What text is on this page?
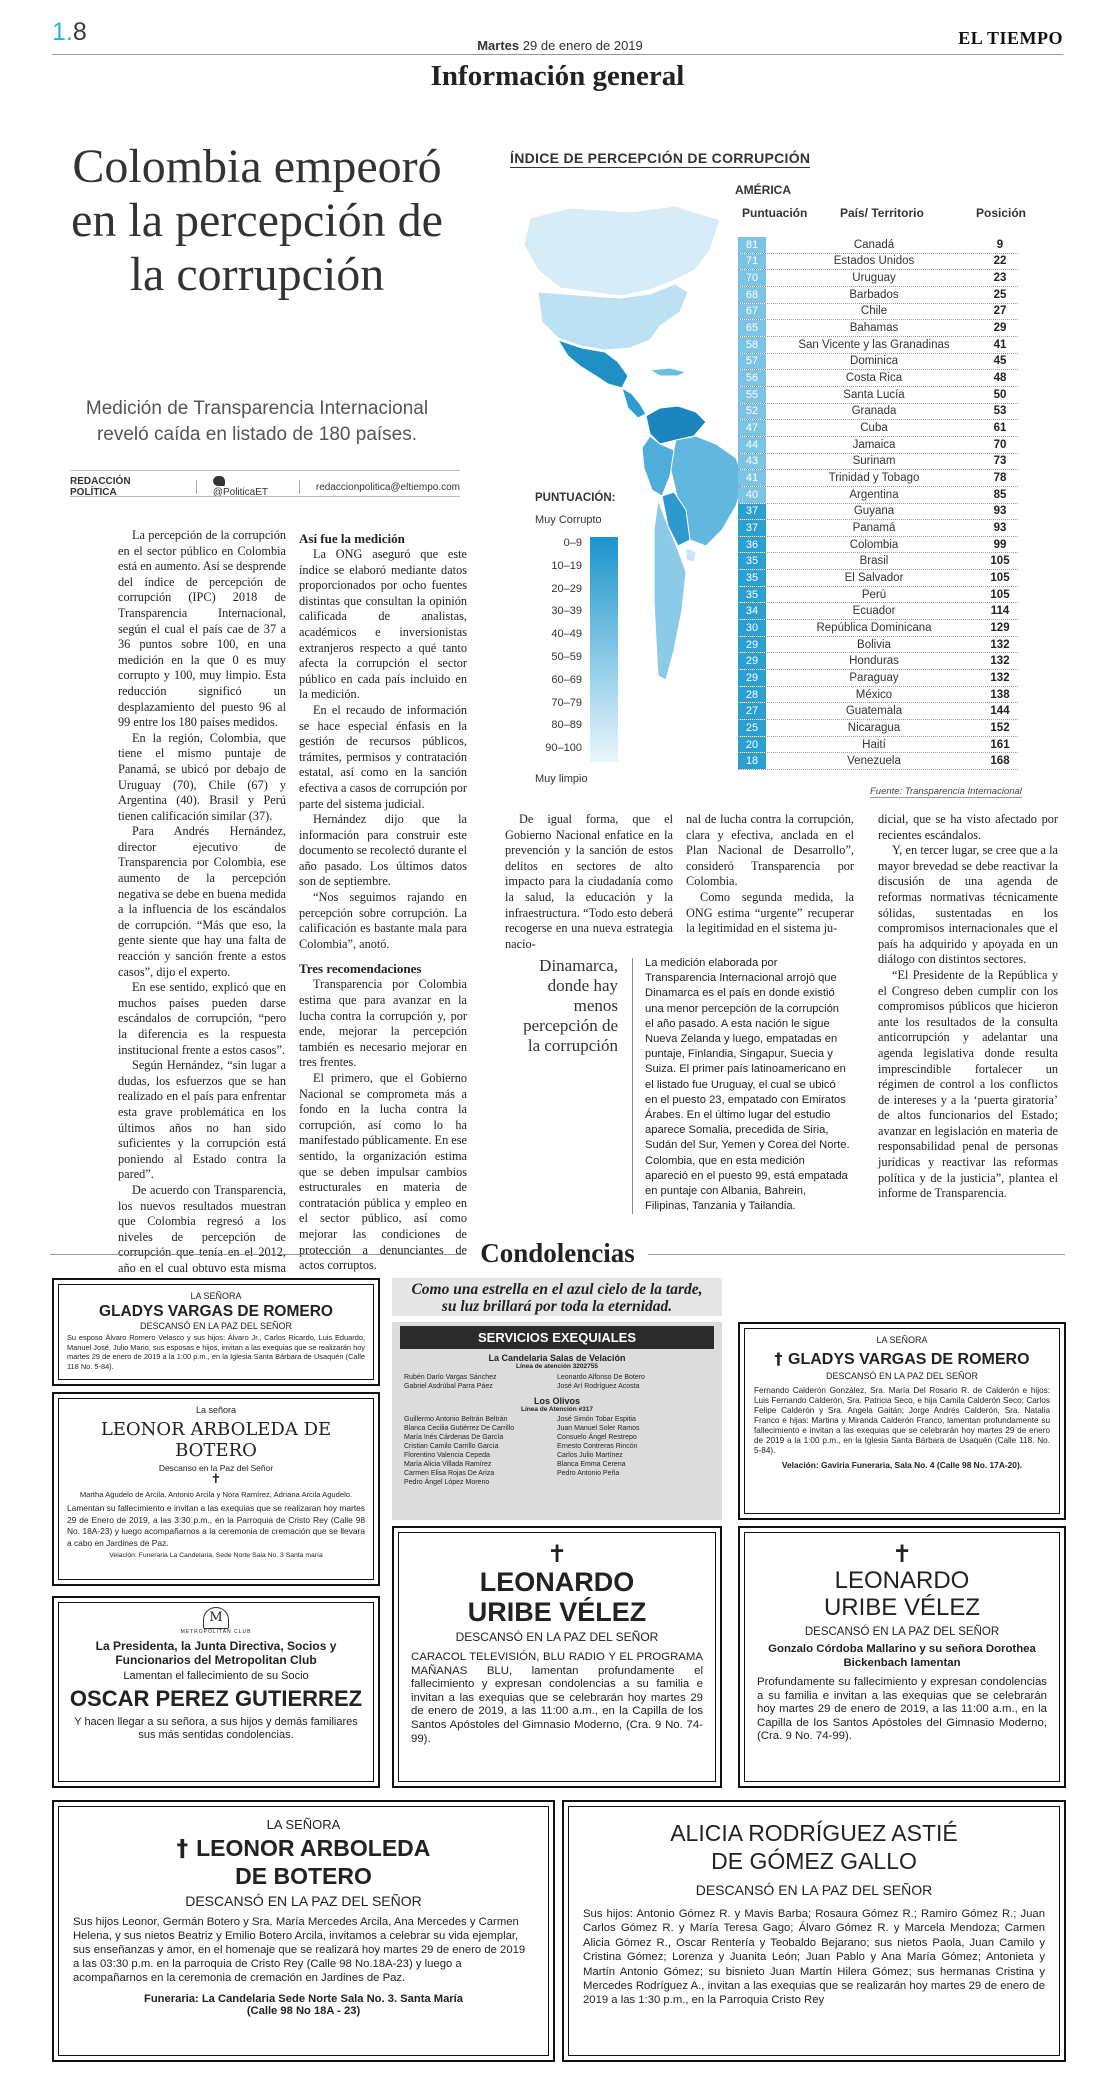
1.8	Martes 29 de enero de 2019	EL TIEMPO
Información general
Colombia empeoró en la percepción de la corrupción
Medición de Transparencia Internacional reveló caída en listado de 180 países.
REDACCIÓN POLÍTICA	@PoliticaET	redaccionpolitica@eltiempo.com

La percepción de la corrupción en el sector público en Colombia está en aumento. Así se desprende del índice de percepción de corrupción (IPC) 2018 de Transparencia Internacional, según el cual el país cae de 37 a 36 puntos sobre 100, en una medición en la que 0 es muy corrupto y 100, muy limpio. Esta reducción significó un desplazamiento del puesto 96 al 99 entre los 180 países medidos.

En la región, Colombia, que tiene el mismo puntaje de Panamá, se ubicó por debajo de Uruguay (70), Chile (67) y Argentina (40). Brasil y Perú tienen calificación similar (37).

Para Andrés Hernández, director ejecutivo de Transparencia por Colombia, ese aumento de la percepción negativa se debe en buena medida a la influencia de los escándalos de corrupción. “Más que eso, la gente siente que hay una falta de reacción y sanción frente a estos casos”, dijo el experto.

En ese sentido, explicó que en muchos países pueden darse escándalos de corrupción, “pero la diferencia es la respuesta institucional frente a estos casos”.

Según Hernández, “sin lugar a dudas, los esfuerzos que se han realizado en el país para enfrentar esta grave problemática en los últimos años no han sido suficientes y la corrupción está poniendo al Estado contra la pared”.

De acuerdo con Transparencia, los nuevos resultados muestran que Colombia regresó a los niveles de percepción de corrupción que tenía en el 2012, año en el cual obtuvo esta misma

Así fue la medición

La ONG aseguró que este índice se elaboró mediante datos proporcionados por ocho fuentes distintas que consultan la opinión calificada de analistas, académicos e inversionistas extranjeros respecto a qué tanto afecta la corrupción el sector público en cada país incluido en la medición.

En el recaudo de información se hace especial énfasis en la gestión de recursos públicos, trámites, permisos y contratación estatal, así como en la sanción efectiva a casos de corrupción por parte del sistema judicial.

Hernández dijo que la información para construir este documento se recolectó durante el año pasado. Los últimos datos son de septiembre.

“Nos seguimos rajando en percepción sobre corrupción. La calificación es bastante mala para Colombia”, anotó.

Tres recomendaciones

Transparencia por Colombia estima que para avanzar en la lucha contra la corrupción y, por ende, mejorar la percepción también es necesario mejorar en tres frentes.

El primero, que el Gobierno Nacional se comprometa más a fondo en la lucha contra la corrupción, así como lo ha manifestado públicamente. En ese sentido, la organización estima que se deben impulsar cambios estructurales en materia de contratación pública y empleo en el sector público, así como mejorar las condiciones de protección a denunciantes de actos corruptos.

De igual forma, que el Gobierno Nacional enfatice en la prevención y la sanción de estos delitos en sectores de alto impacto para la ciudadanía como la salud, la educación y la infraestructura. “Todo esto deberá recogerse en una nueva estrategia nacio-

nal de lucha contra la corrupción, clara y efectiva, anclada en el Plan Nacional de Desarrollo”, consideró Transparencia por Colombia.

Como segunda medida, la ONG estima “urgente” recuperar la legitimidad en el sistema ju-

dicial, que se ha visto afectado por recientes escándalos.

Y, en tercer lugar, se cree que a la mayor brevedad se debe reactivar la discusión de una agenda de reformas normativas técnicamente sólidas, sustentadas en los compromisos internacionales que el país ha adquirido y apoyada en un diálogo con distintos sectores.

“El Presidente de la República y el Congreso deben cumplir con los compromisos públicos que hicieron ante los resultados de la consulta anticorrupción y adelantar una agenda legislativa donde resulta imprescindible fortalecer un régimen de control a los conflictos de intereses y a la ‘puerta giratoria’ de altos funcionarios del Estado; avanzar en legislación en materia de responsabilidad penal de personas jurídicas y reactivar las reformas política y de la justicia”, plantea el informe de Transparencia.

Dinamarca, donde hay menos percepción de la corrupción
La medición elaborada por Transparencia Internacional arrojó que Dinamarca es el país en donde existió una menor percepción de la corrupción el año pasado. A esta nación le sigue Nueva Zelanda y luego, empatadas en puntaje, Finlandia, Singapur, Suecia y Suiza. El primer país latinoamericano en el listado fue Uruguay, el cual se ubicó en el puesto 23, empatado con Emiratos Árabes. En el último lugar del estudio aparece Somalia, precedida de Siria, Sudán del Sur, Yemen y Corea del Norte. Colombia, que en esta medición apareció en el puesto 99, está empatada en puntaje con Albania, Bahrein, Filipinas, Tanzania y Tailandia.
ÍNDICE DE PERCEPCIÓN DE CORRUPCIÓN
AMÉRICA
Puntuación	País/ Territorio	Posición
PUNTUACIÓN:
Muy Corrupto
Muy limpio
0–9
10–19
20–29
30–39
40–49
50–59
60–69
70–79
80–89
90–100
81	Canadá	9
71	Estados Unidos	22
70	Uruguay	23
68	Barbados	25
67	Chile	27
65	Bahamas	29
58	San Vicente y las Granadinas	41
57	Dominica	45
56	Costa Rica	48
55	Santa Lucía	50
52	Granada	53
47	Cuba	61
44	Jamaica	70
43	Surinam	73
41	Trinidad y Tobago	78
40	Argentina	85
37	Guyana	93
37	Panamá	93
36	Colombia	99
35	Brasil	105
35	El Salvador	105
35	Perú	105
34	Ecuador	114
30	República Dominicana	129
29	Bolivia	132
29	Honduras	132
29	Paraguay	132
28	México	138
27	Guatemala	144
25	Nicaragua	152
20	Haití	161
18	Venezuela	168
Fuente: Transparencia Internacional
Condolencias
LA SEÑORA
GLADYS VARGAS DE ROMERO
DESCANSÓ EN LA PAZ DEL SEÑOR
Su esposo Álvaro Romero Velasco y sus hijos: Álvaro Jr., Carlos Ricardo, Luis Eduardo, Manuel José, Julio Mario, sus esposas e hijos, invitan a las exequias que se realizarán hoy martes 29 de enero de 2019 a la 1:00 p.m., en la Iglesia Santa Bárbara de Usaquén (Calle 118 No. 5-84).
La señora
LEONOR ARBOLEDA DE BOTERO
Descanso en la Paz del Señor
✝
Martha Agudelo de Arcila, Antonio Arcila y Nora Ramírez, Adriana Arcila Agudelo.
Lamentan su fallecimiento e invitan a las exequias que se realizaran hoy martes 29 de Enero de 2019, a las 3:30 p.m., en la Parroquia de Cristo Rey (Calle 98 No. 18A-23) y luego acompañarnos a la ceremonia de cremación que se llevara a cabo en Jardines de Paz.
Velación: Funeraria La Candelaria, Sede Norte Sala No. 3 Santa maría
M
METROPOLITAN CLUB
La Presidenta, la Junta Directiva, Socios y Funcionarios del Metropolitan Club
Lamentan el fallecimiento de su Socio
OSCAR PEREZ GUTIERREZ
Y hacen llegar a su señora, a sus hijos y demás familiares sus más sentidas condolencias.
Como una estrella en el azul cielo de la tarde,
su luz brillará por toda la eternidad.
SERVICIOS EXEQUIALES
La Candelaria Salas de Velación
Línea de atención 3202755
Rubén Darío Vargas Sánchez
Gabriel Asdrúbal Parra Páez
Leonardo Alfonso De Botero
José Arí Rodríguez Acosta
Los Olivos
Línea de Atención #317
Guillermo Antonio Beltrán Beltrán
Blanca Cecilia Gutiérrez De Carrillo
María Inés Cárdenas De García
Cristian Camilo Carrillo García
Florentino Valencia Cepeda
María Alicia Villada Ramírez
Carmen Elisa Rojas De Ariza
Pedro Ángel López Moreno
José Simón Tobar Espitia
Juan Manuel Soler Ramos
Consuelo Ángel Restrepo
Ernesto Contreras Rincón
Carlos Julio Martínez
Blanca Emma Cerena
Pedro Antonio Peña
LA SEÑORA
† GLADYS VARGAS DE ROMERO
DESCANSÓ EN LA PAZ DEL SEÑOR
Fernando Calderón González, Sra. María Del Rosario R. de Calderón e hijos: Luis Fernando Calderón, Sra. Patricia Seco, e hija Camila Calderón Seco; Carlos Felipe Calderón y Sra. Angela Gaitán; Jorge Andrés Calderón, Sra. Natalia Franco e hijas: Martina y Miranda Calderón Franco, lamentan profundamente su fallecimiento e invitan a las exequias que se celebrarán hoy martes 29 de enero de 2019 a la 1:00 p.m., en la Iglesia Santa Bárbara de Usaquén (Calle 118. No. 5-84).
Velación: Gaviria Funeraria, Sala No. 4 (Calle 98 No. 17A-20).
✝
LEONARDO
URIBE VÉLEZ
DESCANSÓ EN LA PAZ DEL SEÑOR
CARACOL TELEVISIÓN, BLU RADIO Y EL PROGRAMA MAÑANAS BLU, lamentan profundamente el fallecimiento y expresan condolencias a su familia e invitan a las exequias que se celebrarán hoy martes 29 de enero de 2019, a las 11:00 a.m., en la Capilla de los Santos Apóstoles del Gimnasio Moderno, (Cra. 9 No. 74-99).
✝
LEONARDO
URIBE VÉLEZ
DESCANSÓ EN LA PAZ DEL SEÑOR
Gonzalo Córdoba Mallarino y su señora Dorothea Bickenbach lamentan
Profundamente su fallecimiento y expresan condolencias a su familia e invitan a las exequias que se celebrarán hoy martes 29 de enero de 2019, a las 11:00 a.m., en la Capilla de los Santos Apóstoles del Gimnasio Moderno, (Cra. 9 No. 74-99).
LA SEÑORA
† LEONOR ARBOLEDA
DE BOTERO
DESCANSÓ EN LA PAZ DEL SEÑOR
Sus hijos Leonor, Germán Botero y Sra. María Mercedes Arcila, Ana Mercedes y Carmen Helena, y sus nietos Beatriz y Emilio Botero Arcila, invitamos a celebrar su vida ejemplar, sus enseñanzas y amor, en el homenaje que se realizará hoy martes 29 de enero de 2019 a las 03:30 p.m. en la parroquia de Cristo Rey (Calle 98 No.18A-23) y luego a acompañarnos en la ceremonia de cremación en Jardines de Paz.
Funeraria: La Candelaria Sede Norte Sala No. 3. Santa María
(Calle 98 No 18A - 23)
ALICIA RODRÍGUEZ ASTIÉ
DE GÓMEZ GALLO
DESCANSÓ EN LA PAZ DEL SEÑOR
Sus hijos: Antonio Gómez R. y Mavis Barba; Rosaura Gómez R.; Ramiro Gómez R.; Juan Carlos Gómez R. y María Teresa Gago; Álvaro Gómez R. y Marcela Mendoza; Carmen Alicia Gómez R., Oscar Rentería y Teobaldo Bejarano; sus nietos Paola, Juan Camilo y Cristina Gómez; Lorenza y Juanita León; Juan Pablo y Ana María Gómez; Antonieta y Martín Antonio Gómez; su bisnieto Juan Martín Hilera Gómez; sus hermanas Cristina y Mercedes Rodríguez A., invitan a las exequias que se realizarán hoy martes 29 de enero de 2019 a las 1:30 p.m., en la Parroquia Cristo Rey
